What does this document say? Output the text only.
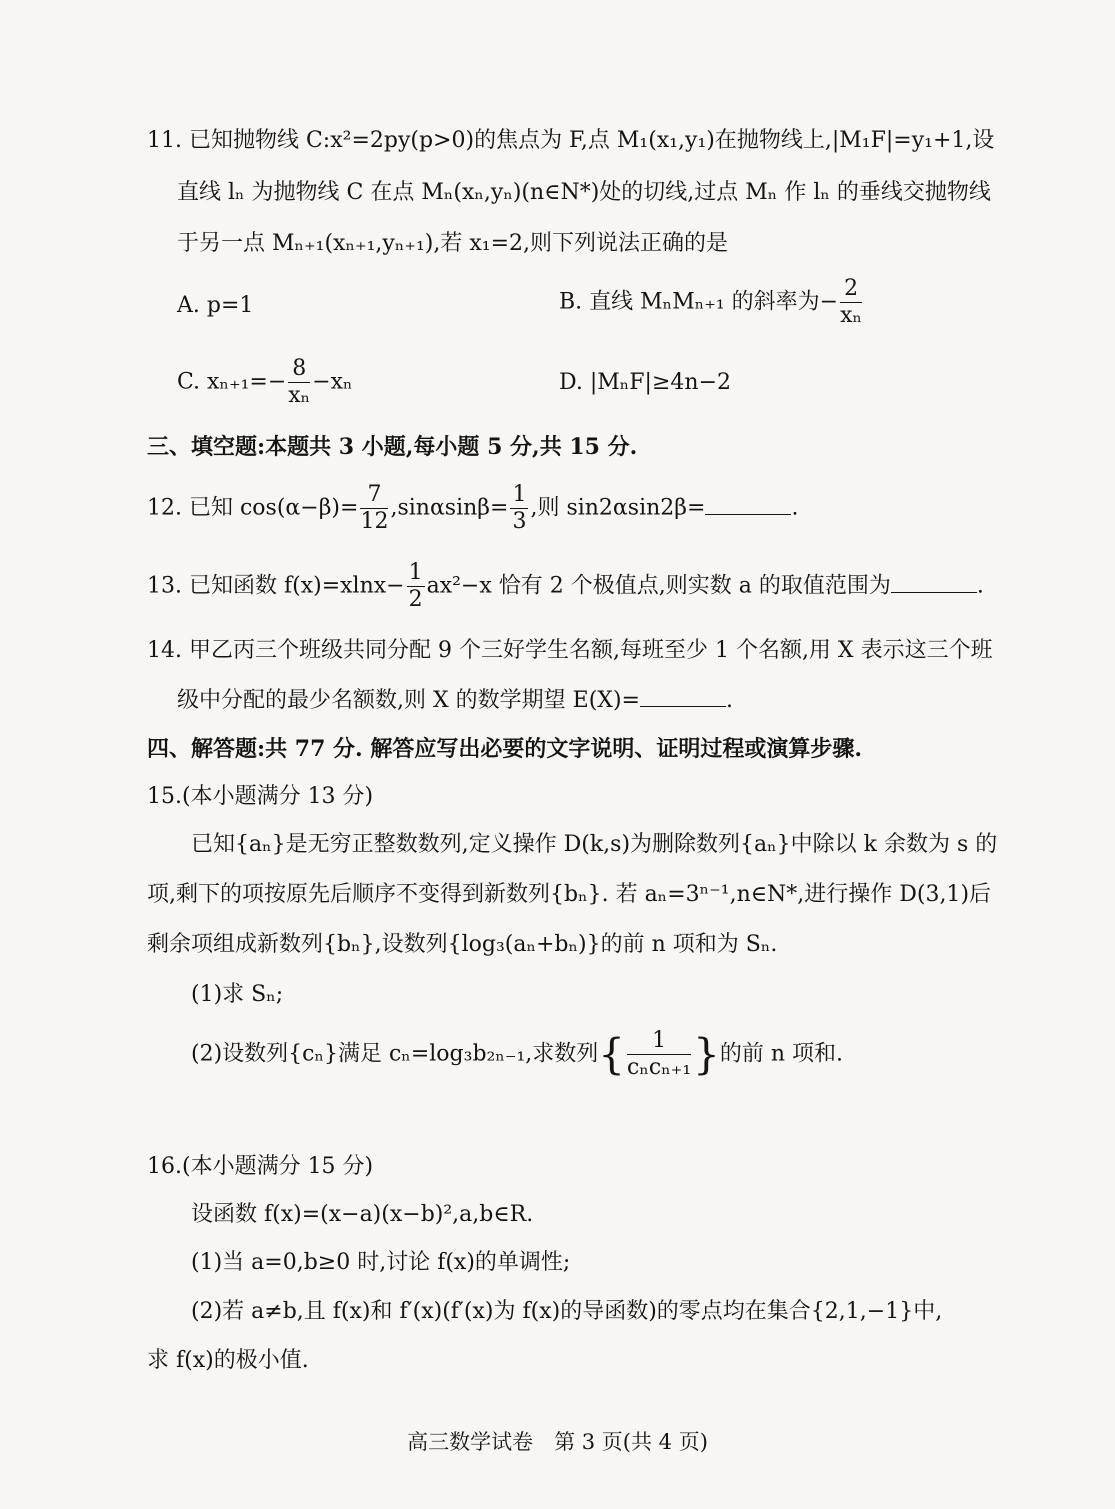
11. 已知抛物线 C:x²=2py(p>0)的焦点为 F,点 M₁(x₁,y₁)在抛物线上,|M₁F|=y₁+1,设
直线 lₙ 为抛物线 C 在点 Mₙ(xₙ,yₙ)(n∈N*)处的切线,过点 Mₙ 作 lₙ 的垂线交抛物线
于另一点 Mₙ₊₁(xₙ₊₁,yₙ₊₁),若 x₁=2,则下列说法正确的是
A. p=1	B. 直线 MₙMₙ₊₁ 的斜率为− $\frac{2}{\text{xₙ}}$
C. $x_{n+1}=- \frac{8}{\text{xₙ}} -x_n$	D. |MₙF|≥4n−2
三、填空题:本题共 3 小题,每小题 5 分,共 15 分.
12. 已知 $\cos(\alpha-\beta)= \frac{7}{12} ,\sin\alpha\sin\beta= \frac{1}{3}$ ,则 sin2αsin2β=	.
13. 已知函数 $f(x)=xlnx- \frac{1}{2} ax^2-x$ 恰有 2 个极值点,则实数 a 的取值范围为	.
14. 甲乙丙三个班级共同分配 9 个三好学生名额,每班至少 1 个名额,用 X 表示这三个班
级中分配的最少名额数,则 X 的数学期望 E(X)=	.
四、解答题:共 77 分. 解答应写出必要的文字说明、证明过程或演算步骤.
15.(本小题满分 13 分)
已知{aₙ}是无穷正整数数列,定义操作 D(k,s)为删除数列{aₙ}中除以 k 余数为 s 的
项,剩下的项按原先后顺序不变得到新数列{bₙ}. 若 aₙ=3ⁿ⁻¹,n∈N*,进行操作 D(3,1)后
剩余项组成新数列{bₙ},设数列{log₃(aₙ+bₙ)}的前 n 项和为 Sₙ.
(1)求 Sₙ;
(2)设数列{cₙ}满足 cₙ=log₃b₂ₙ₋₁,求数列{ $\frac{1}{\text{cₙcₙ₊₁}}$ }的前 n 项和.
16.(本小题满分 15 分)
设函数 f(x)=(x−a)(x−b)²,a,b∈R.
(1)当 a=0,b≥0 时,讨论 f(x)的单调性;
(2)若 a≠b,且 f(x)和 f′(x)(f′(x)为 f(x)的导函数)的零点均在集合{2,1,−1}中,
求 f(x)的极小值.
高三数学试卷　第 3 页(共 4 页)
